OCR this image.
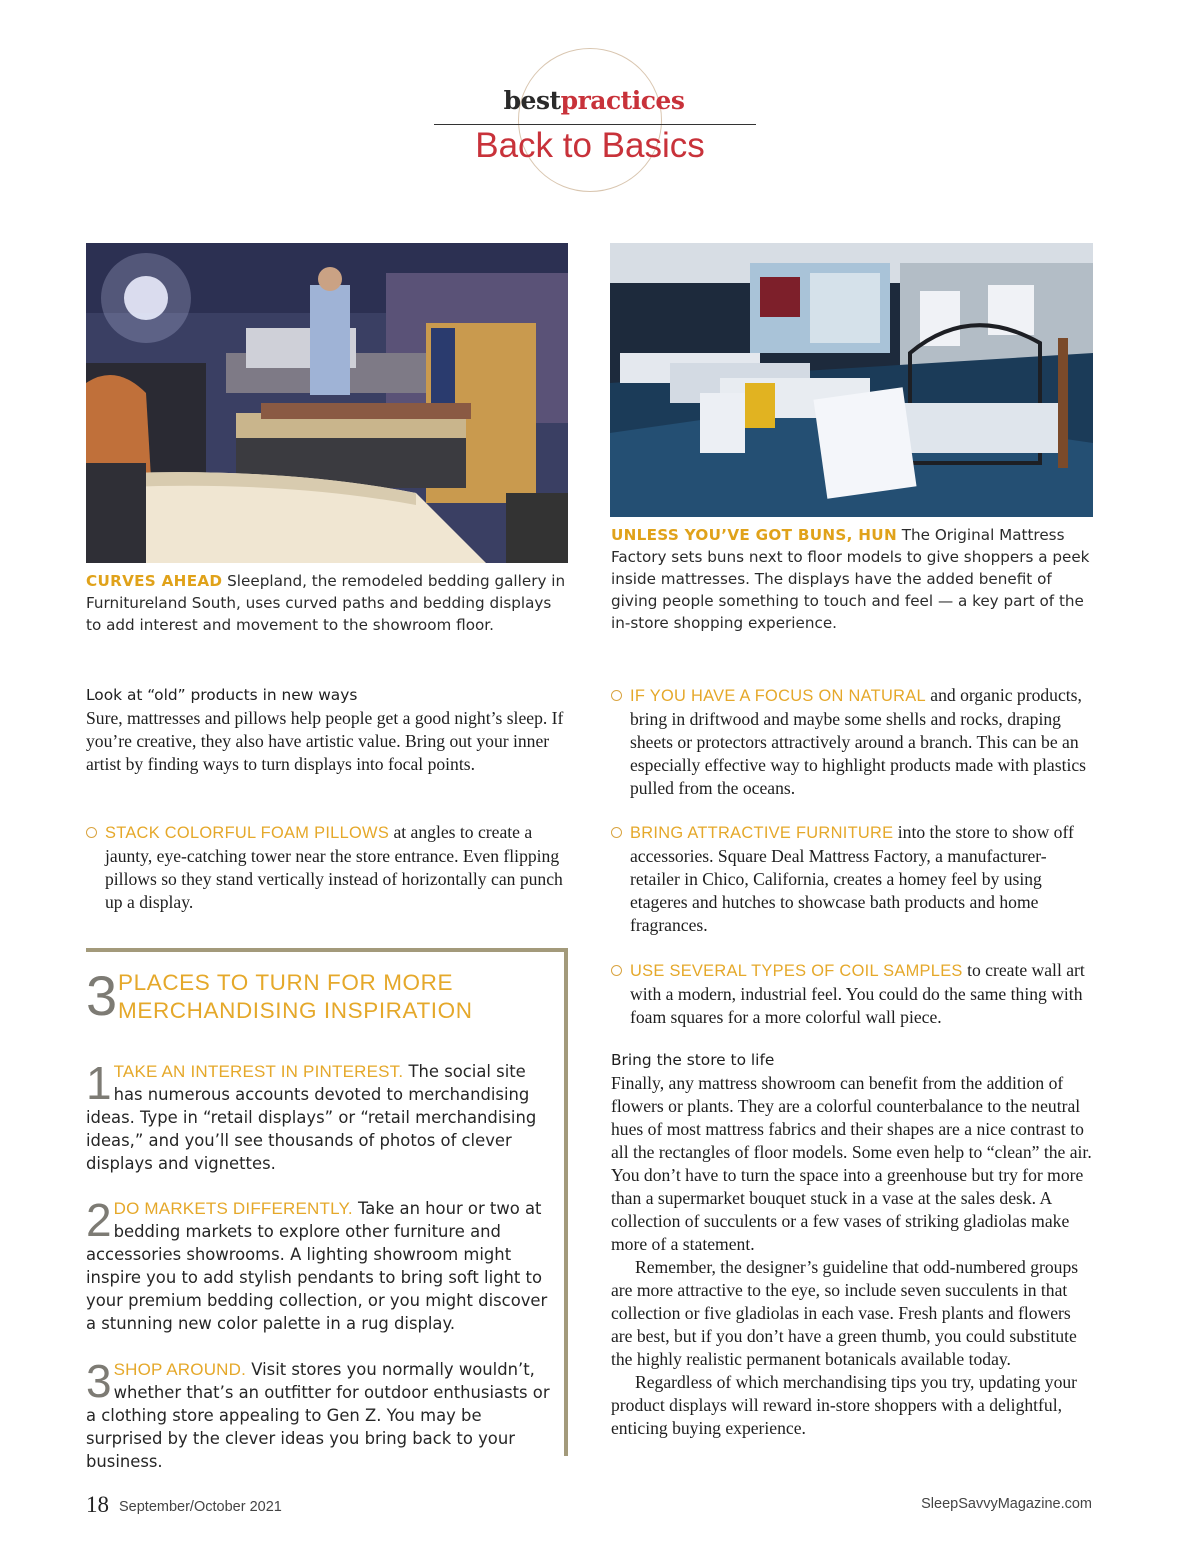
bestpractices
Back to Basics
CURVES AHEAD Sleepland, the remodeled bedding gallery in Furnitureland South, uses curved paths and bedding displays to add interest and movement to the showroom floor.
UNLESS YOU’VE GOT BUNS, HUN The Original Mattress Factory sets buns next to floor models to give shoppers a peek inside mattresses. The displays have the added benefit of giving people something to touch and feel — a key part of the in-store shopping experience.
Look at “old” products in new ways
Sure, mattresses and pillows help people get a good night’s sleep. If you’re creative, they also have artistic value. Bring out your inner artist by finding ways to turn displays into focal points.
STACK COLORFUL FOAM PILLOWS at angles to create a jaunty, eye-catching tower near the store entrance. Even flipping pillows so they stand vertically instead of horizontally can punch up a display.
3 PLACES TO TURN FOR MORE
MERCHANDISING INSPIRATION
1 TAKE AN INTEREST IN PINTEREST. The social site has numerous accounts devoted to merchandising ideas. Type in “retail displays” or “retail merchandising ideas,” and you’ll see thousands of photos of clever displays and vignettes.
2 DO MARKETS DIFFERENTLY. Take an hour or two at bedding markets to explore other furniture and accessories showrooms. A lighting showroom might inspire you to add stylish pendants to bring soft light to your premium bedding collection, or you might discover a stunning new color palette in a rug display.
3 SHOP AROUND. Visit stores you normally wouldn’t, whether that’s an outfitter for outdoor enthusiasts or a clothing store appealing to Gen Z. You may be surprised by the clever ideas you bring back to your business.
IF YOU HAVE A FOCUS ON NATURAL and organic products, bring in driftwood and maybe some shells and rocks, draping sheets or protectors attractively around a branch. This can be an especially effective way to highlight products made with plastics pulled from the oceans.
BRING ATTRACTIVE FURNITURE into the store to show off accessories. Square Deal Mattress Factory, a manufacturer-retailer in Chico, California, creates a homey feel by using etageres and hutches to showcase bath products and home fragrances.
USE SEVERAL TYPES OF COIL SAMPLES to create wall art with a modern, industrial feel. You could do the same thing with foam squares for a more colorful wall piece.
Bring the store to life
Finally, any mattress showroom can benefit from the addition of flowers or plants. They are a colorful counterbalance to the neutral hues of most mattress fabrics and their shapes are a nice contrast to all the rectangles of floor models. Some even help to “clean” the air. You don’t have to turn the space into a greenhouse but try for more than a supermarket bouquet stuck in a vase at the sales desk. A collection of succulents or a few vases of striking gladiolas make more of a statement.
Remember, the designer’s guideline that odd-numbered groups are more attractive to the eye, so include seven succulents in that collection or five gladiolas in each vase. Fresh plants and flowers are best, but if you don’t have a green thumb, you could substitute the highly realistic permanent botanicals available today.
Regardless of which merchandising tips you try, updating your product displays will reward in-store shoppers with a delightful, enticing buying experience.
18 September/October 2021	SleepSavvyMagazine.com
